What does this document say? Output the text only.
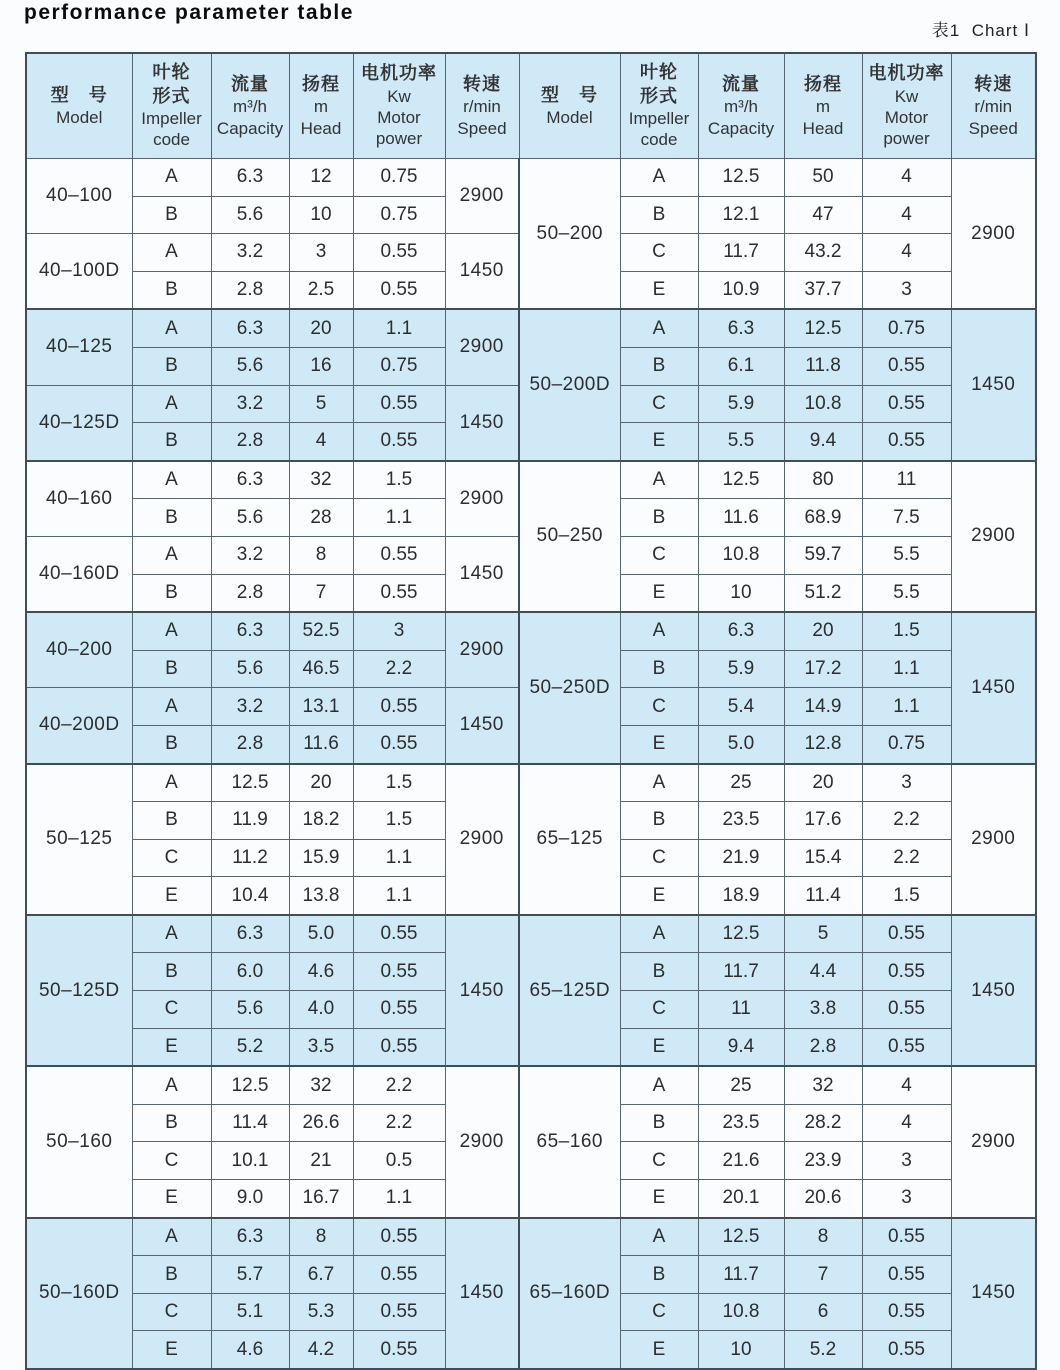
performance parameter table
表1 Chart Ⅰ
型　号
Model

叶轮
形式
Impeller
code

流量
m³/h
Capacity

扬程
m
Head

电机功率
Kw
Motor
power

转速
r/min
Speed

型　号
Model

叶轮
形式
Impeller
code

流量
m³/h
Capacity

扬程
m
Head

电机功率
Kw
Motor
power

转速
r/min
Speed

40–100	A	6.3	12	0.75	2900	50–200	A	12.5	50	4	2900
	B	5.6	10	0.75			B	12.1	47	4	
40–100D	A	3.2	3	0.55	1450		C	11.7	43.2	4	
	B	2.8	2.5	0.55			E	10.9	37.7	3	
40–125	A	6.3	20	1.1	2900	50–200D	A	6.3	12.5	0.75	1450
	B	5.6	16	0.75			B	6.1	11.8	0.55	
40–125D	A	3.2	5	0.55	1450		C	5.9	10.8	0.55	
	B	2.8	4	0.55			E	5.5	9.4	0.55	
40–160	A	6.3	32	1.5	2900	50–250	A	12.5	80	11	2900
	B	5.6	28	1.1			B	11.6	68.9	7.5	
40–160D	A	3.2	8	0.55	1450		C	10.8	59.7	5.5	
	B	2.8	7	0.55			E	10	51.2	5.5	
40–200	A	6.3	52.5	3	2900	50–250D	A	6.3	20	1.5	1450
	B	5.6	46.5	2.2			B	5.9	17.2	1.1	
40–200D	A	3.2	13.1	0.55	1450		C	5.4	14.9	1.1	
	B	2.8	11.6	0.55			E	5.0	12.8	0.75	
50–125	A	12.5	20	1.5	2900	65–125	A	25	20	3	2900
	B	11.9	18.2	1.5			B	23.5	17.6	2.2	
	C	11.2	15.9	1.1			C	21.9	15.4	2.2	
	E	10.4	13.8	1.1			E	18.9	11.4	1.5	
50–125D	A	6.3	5.0	0.55	1450	65–125D	A	12.5	5	0.55	1450
	B	6.0	4.6	0.55			B	11.7	4.4	0.55	
	C	5.6	4.0	0.55			C	11	3.8	0.55	
	E	5.2	3.5	0.55			E	9.4	2.8	0.55	
50–160	A	12.5	32	2.2	2900	65–160	A	25	32	4	2900
	B	11.4	26.6	2.2			B	23.5	28.2	4	
	C	10.1	21	0.5			C	21.6	23.9	3	
	E	9.0	16.7	1.1			E	20.1	20.6	3	
50–160D	A	6.3	8	0.55	1450	65–160D	A	12.5	8	0.55	1450
	B	5.7	6.7	0.55			B	11.7	7	0.55	
	C	5.1	5.3	0.55			C	10.8	6	0.55	
	E	4.6	4.2	0.55			E	10	5.2	0.55	
